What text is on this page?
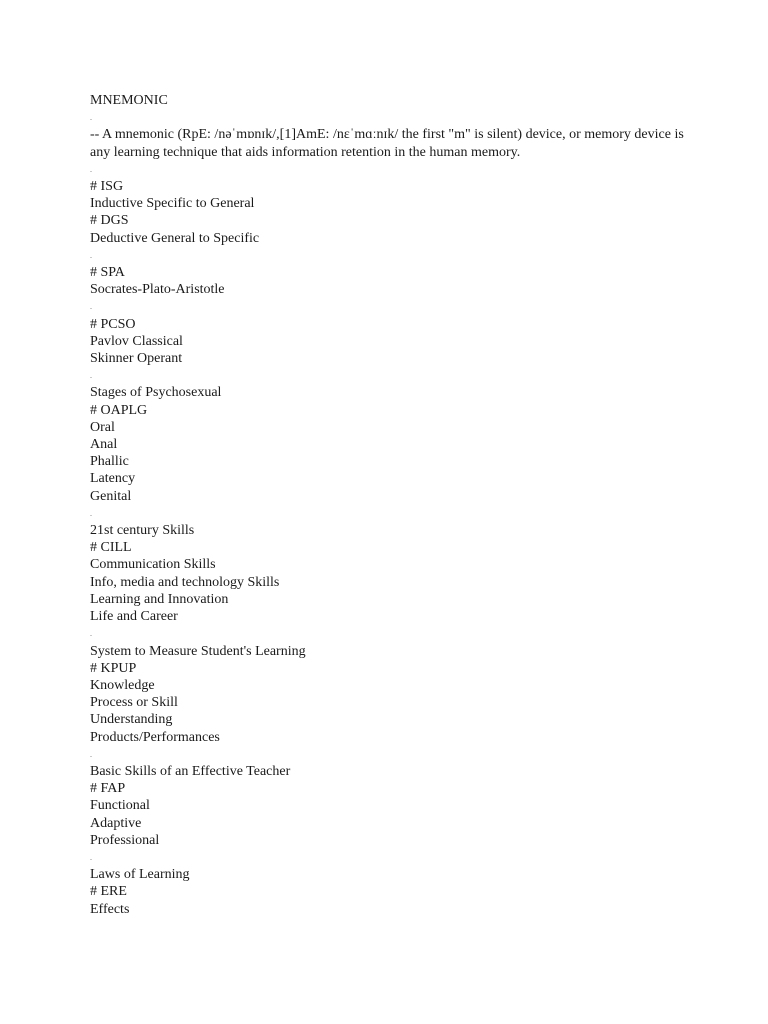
MNEMONIC

.

-- A mnemonic (RpE: /nəˈmɒnɪk/,[1]AmE: /nɛˈmɑːnɪk/ the first "m" is silent) device, or memory device is any learning technique that aids information retention in the human memory.

.

# ISG

Inductive Specific to General

# DGS

Deductive General to Specific

.

# SPA

Socrates-Plato-Aristotle

.

# PCSO

Pavlov Classical

Skinner Operant

.

Stages of Psychosexual

# OAPLG

Oral

Anal

Phallic

Latency

Genital

.

21st century Skills

# CILL

Communication Skills

Info, media and technology Skills

Learning and Innovation

Life and Career

.

System to Measure Student's Learning

# KPUP

Knowledge

Process or Skill

Understanding

Products/Performances

.

Basic Skills of an Effective Teacher

# FAP

Functional

Adaptive

Professional

.

Laws of Learning

# ERE

Effects
